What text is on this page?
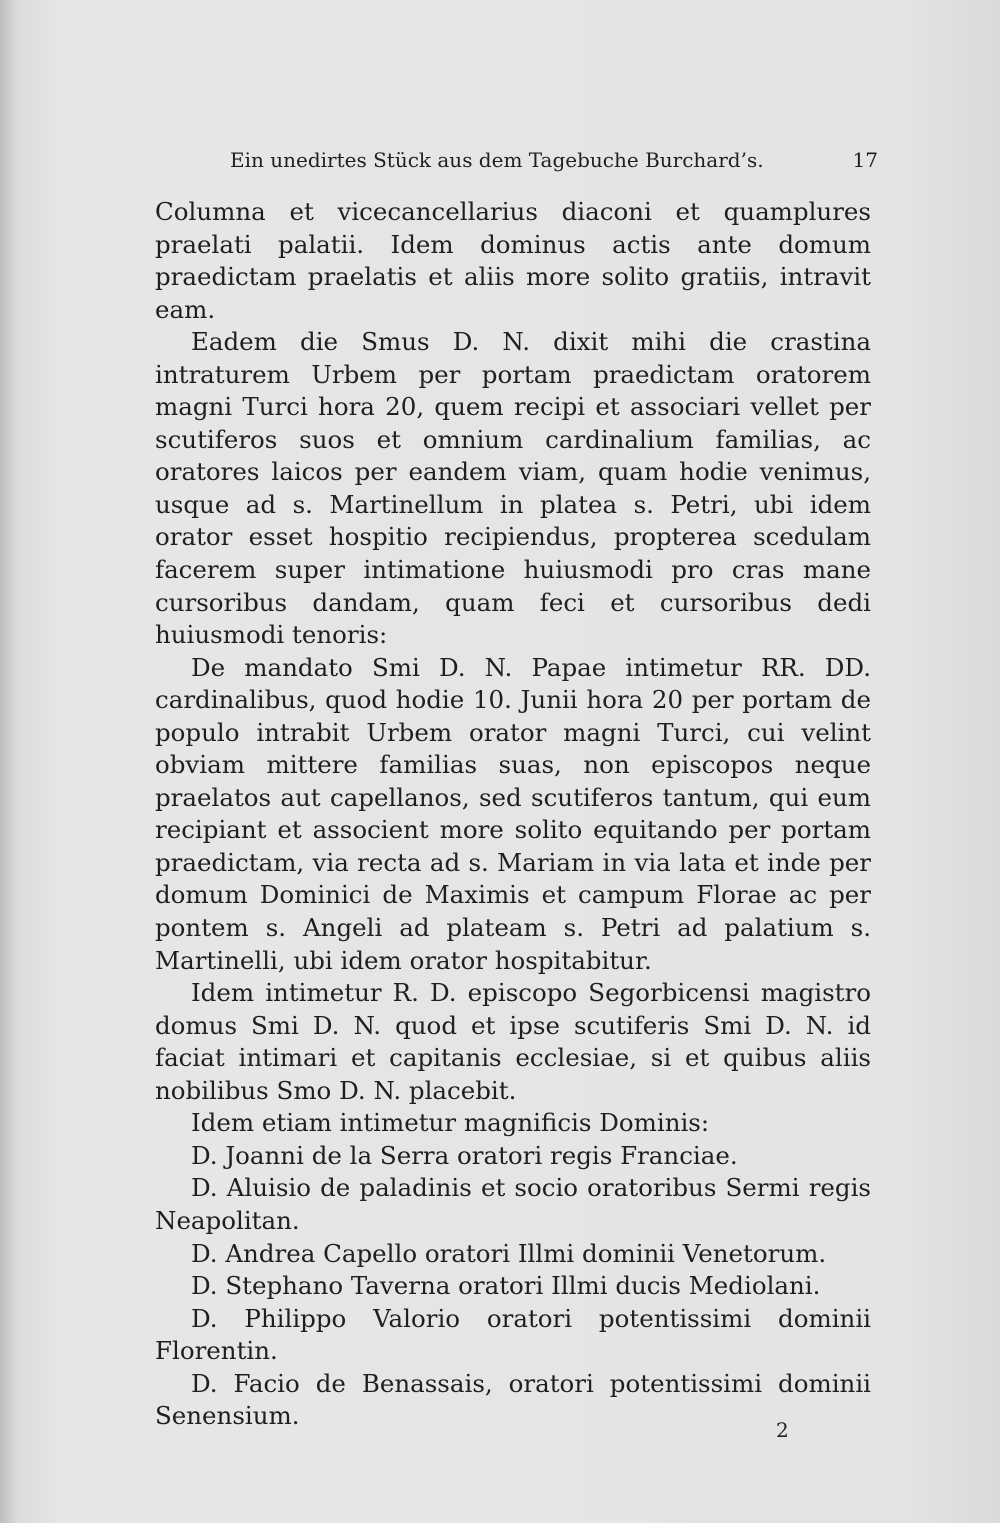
Ein unedirtes Stück aus dem Tagebuche Burchard’s.	17

Columna et vicecancellarius diaconi et quamplures praelati palatii. Idem dominus actis ante domum praedictam praelatis et aliis more solito gratiis, intravit eam.

Eadem die Smus D. N. dixit mihi die crastina intraturem Urbem per portam praedictam oratorem magni Turci hora 20, quem recipi et associari vellet per scutiferos suos et omnium cardinalium familias, ac oratores laicos per eandem viam, quam hodie venimus, usque ad s. Martinellum in platea s. Petri, ubi idem orator esset hospitio recipiendus, propterea scedulam facerem super intimatione huiusmodi pro cras mane cursoribus dandam, quam feci et cursoribus dedi huiusmodi tenoris:

De mandato Smi D. N. Papae intimetur RR. DD. cardinalibus, quod hodie 10. Junii hora 20 per portam de populo intrabit Urbem orator magni Turci, cui velint obviam mittere familias suas, non episcopos neque praelatos aut capellanos, sed scutiferos tantum, qui eum recipiant et associent more solito equitando per portam praedictam, via recta ad s. Mariam in via lata et inde per domum Dominici de Maximis et campum Florae ac per pontem s. Angeli ad plateam s. Petri ad palatium s. Martinelli, ubi idem orator hospitabitur.

Idem intimetur R. D. episcopo Segorbicensi magistro domus Smi D. N. quod et ipse scutiferis Smi D. N. id faciat intimari et capitanis ecclesiae, si et quibus aliis nobilibus Smo D. N. placebit.

Idem etiam intimetur magnificis Dominis:

D. Joanni de la Serra oratori regis Franciae.

D. Aluisio de paladinis et socio oratoribus Sermi regis Neapolitan.

D. Andrea Capello oratori Illmi dominii Venetorum.

D. Stephano Taverna oratori Illmi ducis Mediolani.

D. Philippo Valorio oratori potentissimi dominii Florentin.

D. Facio de Benassais, oratori potentissimi dominii Senensium.	2
